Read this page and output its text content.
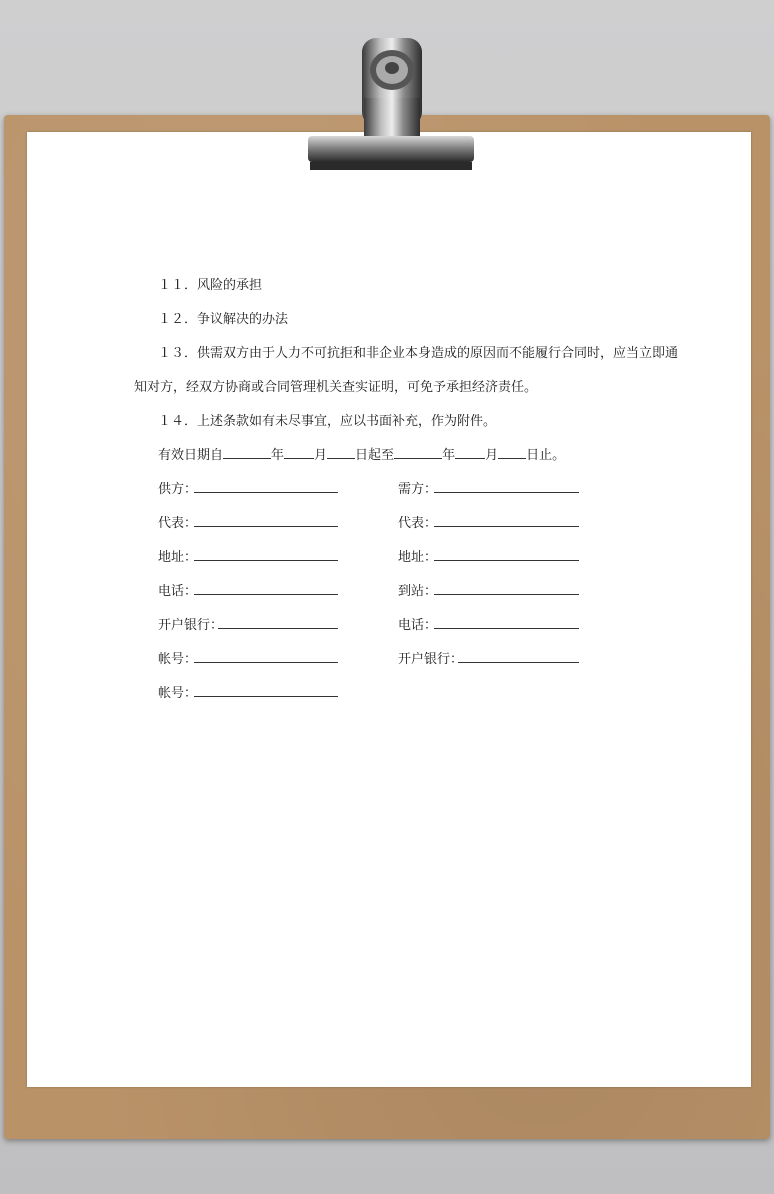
１１．风险的承担
１２．争议解决的办法
１３．供需双方由于人力不可抗拒和非企业本身造成的原因而不能履行合同时，应当立即通
知对方，经双方协商或合同管理机关查实证明，可免予承担经济责任。
１４．上述条款如有未尽事宜，应以书面补充，作为附件。
有效日期自	年 月 日起至	年 月 日止。
供方：
代表：
地址：
电话：
开户银行：
帐号：
帐号：
需方：
代表：
地址：
到站：
电话：
开户银行：
